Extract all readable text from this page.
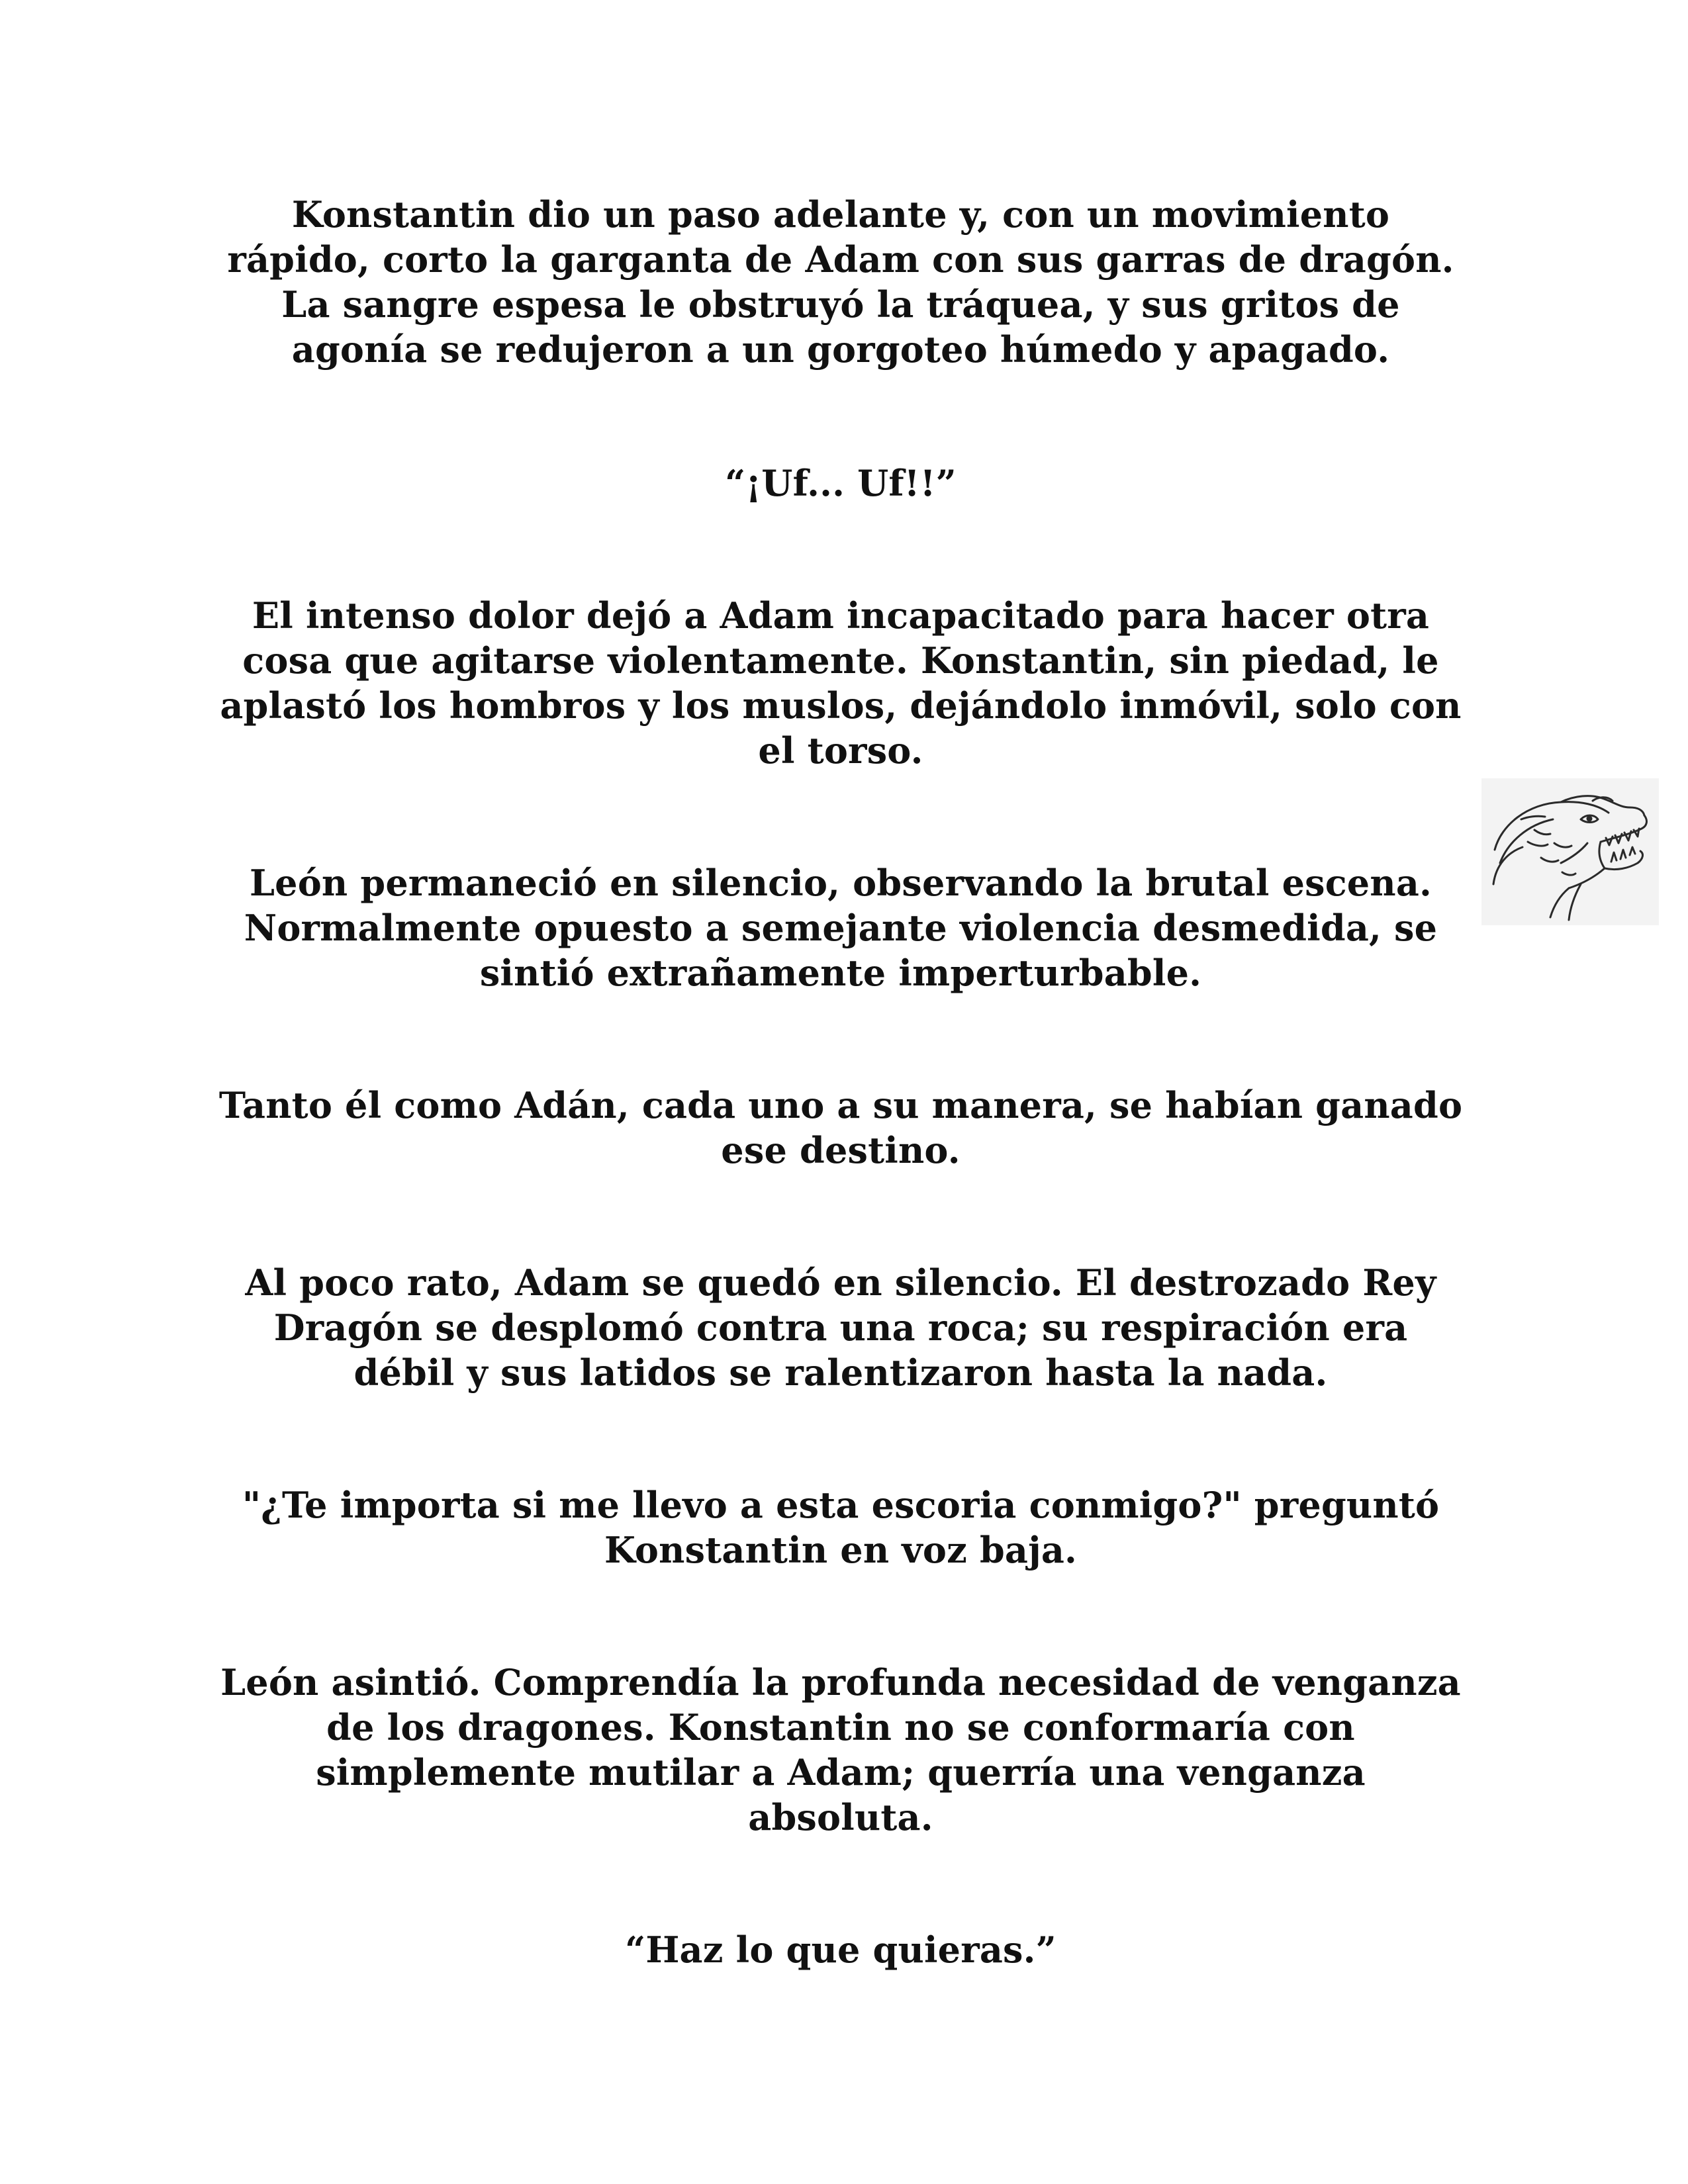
Konstantin dio un paso adelante y, con un movimiento rápido, corto la garganta de Adam con sus garras de dragón. La sangre espesa le obstruyó la tráquea, y sus gritos de agonía se redujeron a un gorgoteo húmedo y apagado.

“¡Uf... Uf!!”

El intenso dolor dejó a Adam incapacitado para hacer otra cosa que agitarse violentamente. Konstantin, sin piedad, le aplastó los hombros y los muslos, dejándolo inmóvil, solo con el torso.

León permaneció en silencio, observando la brutal escena. Normalmente opuesto a semejante violencia desmedida, se sintió extrañamente imperturbable.

Tanto él como Adán, cada uno a su manera, se habían ganado ese destino.

Al poco rato, Adam se quedó en silencio. El destrozado Rey Dragón se desplomó contra una roca; su respiración era débil y sus latidos se ralentizaron hasta la nada.

"¿Te importa si me llevo a esta escoria conmigo?" preguntó Konstantin en voz baja.

León asintió. Comprendía la profunda necesidad de venganza de los dragones. Konstantin no se conformaría con simplemente mutilar a Adam; querría una venganza absoluta.

“Haz lo que quieras.”
